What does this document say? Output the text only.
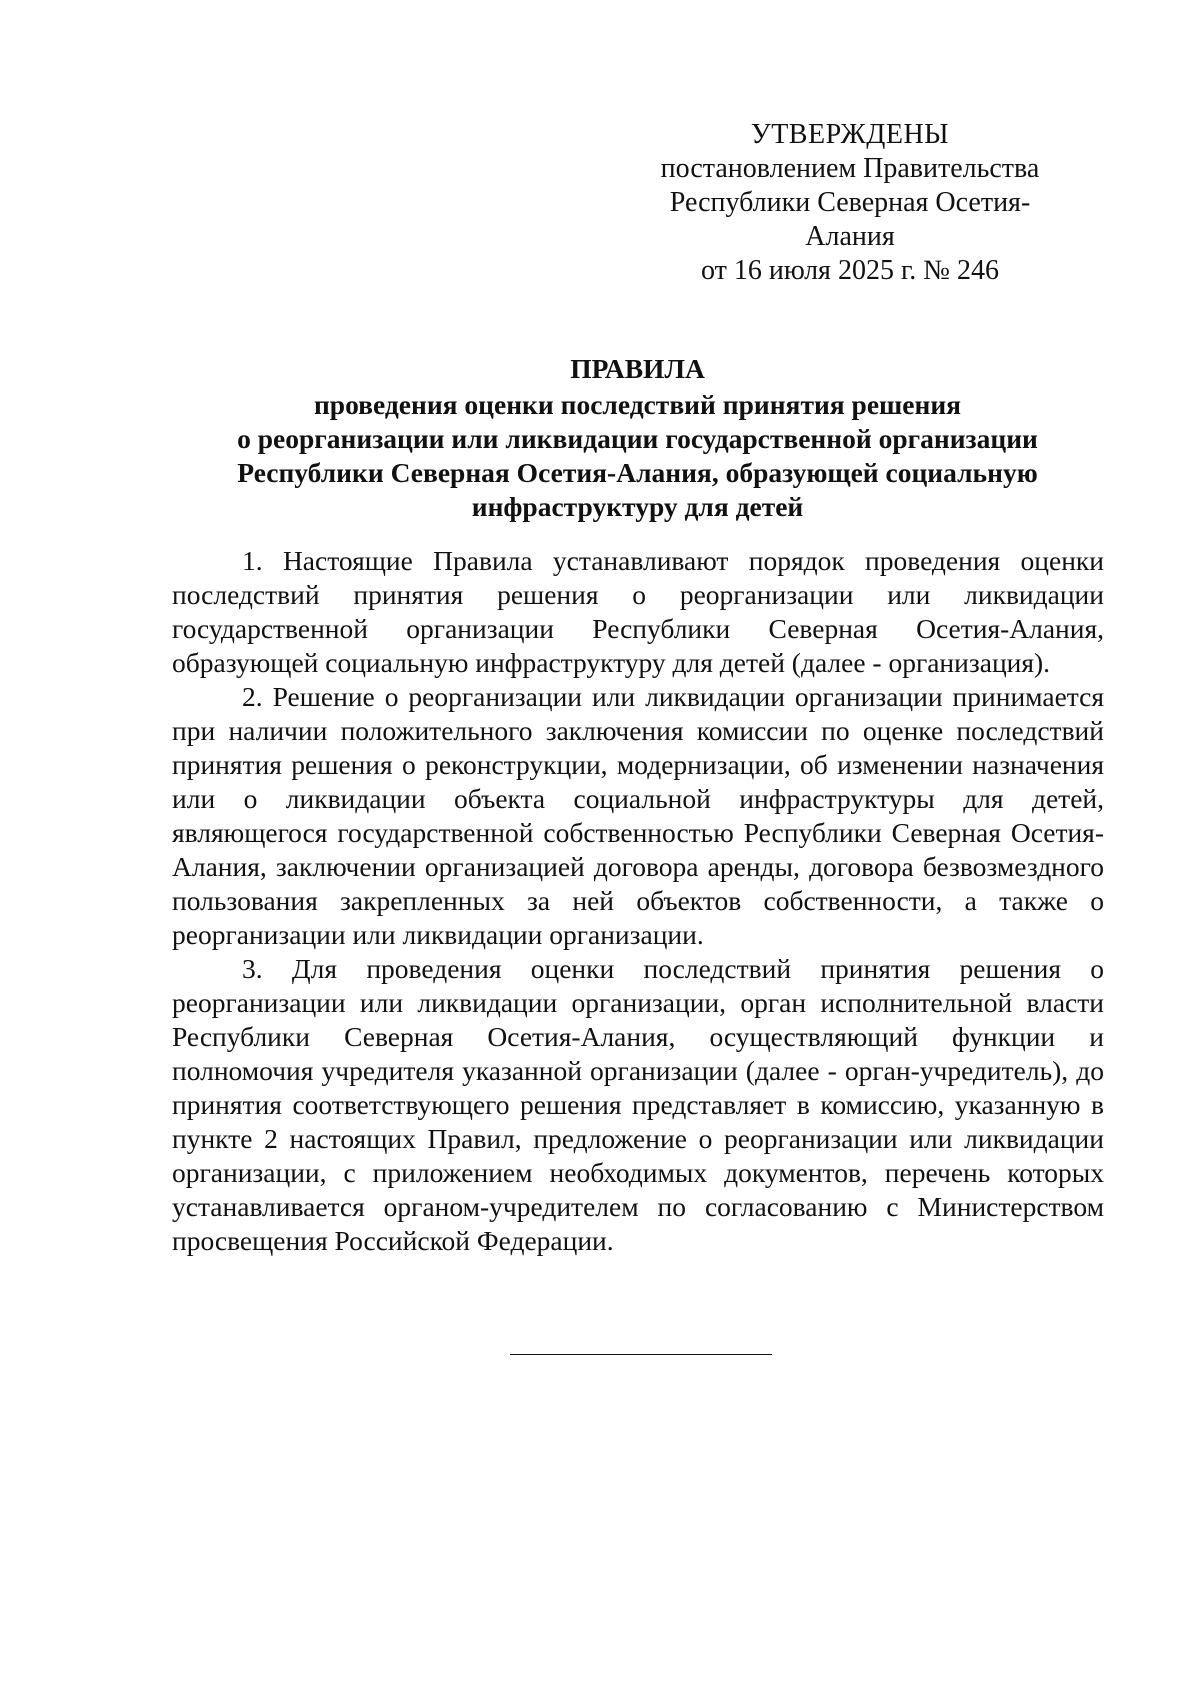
УТВЕРЖДЕНЫ
постановлением Правительства
Республики Северная Осетия-Алания
от 16 июля 2025 г. № 246
ПРАВИЛА
проведения оценки последствий принятия решения
о реорганизации или ликвидации государственной организации
Республики Северная Осетия-Алания, образующей социальную
инфраструктуру для детей

1. Настоящие Правила устанавливают порядок проведения оценки последствий принятия решения о реорганизации или ликвидации государственной организации Республики Северная Осетия-Алания, образующей социальную инфраструктуру для детей (далее - организация).

2. Решение о реорганизации или ликвидации организации принимается при наличии положительного заключения комиссии по оценке последствий принятия решения о реконструкции, модернизации, об изменении назначения или о ликвидации объекта социальной инфраструктуры для детей, являющегося государственной собственностью Республики Северная Осетия-Алания, заключении организацией договора аренды, договора безвозмездного пользования закрепленных за ней объектов собственности, а также о реорганизации или ликвидации организации.

3. Для проведения оценки последствий принятия решения о реорганизации или ликвидации организации, орган исполнительной власти Республики Северная Осетия-Алания, осуществляющий функции и полномочия учредителя указанной организации (далее - орган-учредитель), до принятия соответствующего решения представляет в комиссию, указанную в пункте 2 настоящих Правил, предложение о реорганизации или ликвидации организации, с приложением необходимых документов, перечень которых устанавливается органом-учредителем по согласованию с Министерством просвещения Российской Федерации.
